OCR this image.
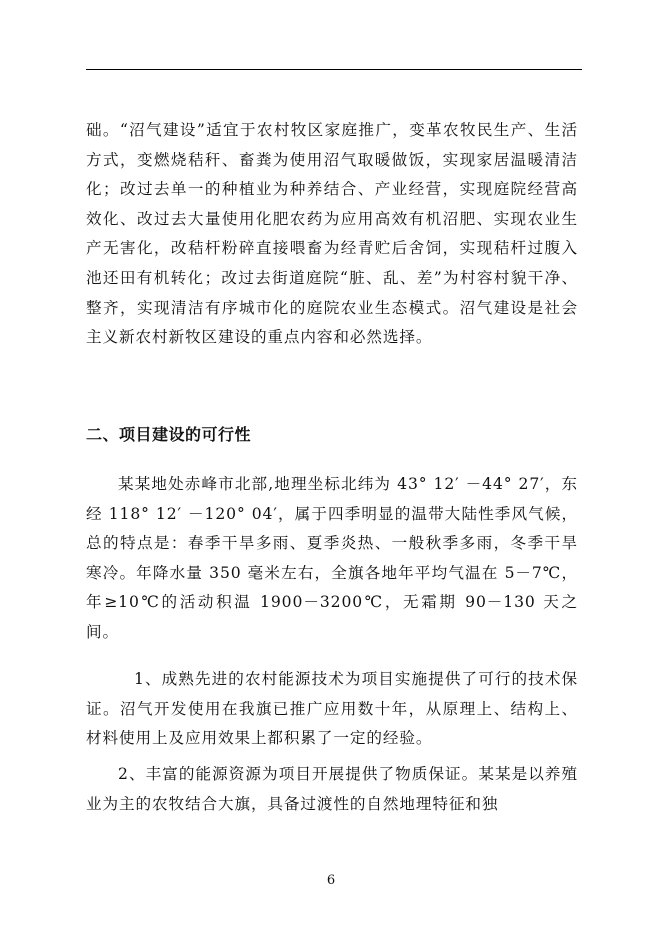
础。“沼气建设”适宜于农村牧区家庭推广，变革农牧民生产、生活方式，变燃烧秸秆、畜粪为使用沼气取暖做饭，实现家居温暖清洁化；改过去单一的种植业为种养结合、产业经营，实现庭院经营高效化、改过去大量使用化肥农药为应用高效有机沼肥、实现农业生产无害化，改秸杆粉碎直接喂畜为经青贮后舍饲，实现秸杆过腹入池还田有机转化；改过去街道庭院“脏、乱、差”为村容村貌干净、整齐，实现清洁有序城市化的庭院农业生态模式。沼气建设是社会主义新农村新牧区建设的重点内容和必然选择。

二、项目建设的可行性

某某地处赤峰市北部,地理坐标北纬为 43° 12′ －44° 27′，东经 118° 12′ －120° 04′，属于四季明显的温带大陆性季风气候，总的特点是：春季干旱多雨、夏季炎热、一般秋季多雨，冬季干旱寒冷。年降水量 350 毫米左右，全旗各地年平均气温在 5－7℃，年≥10℃的活动积温 1900－3200℃，无霜期 90－130 天之间。

1、成熟先进的农村能源技术为项目实施提供了可行的技术保证。沼气开发使用在我旗已推广应用数十年，从原理上、结构上、材料使用上及应用效果上都积累了一定的经验。

2、丰富的能源资源为项目开展提供了物质保证。某某是以养殖业为主的农牧结合大旗，具备过渡性的自然地理特征和独

6
